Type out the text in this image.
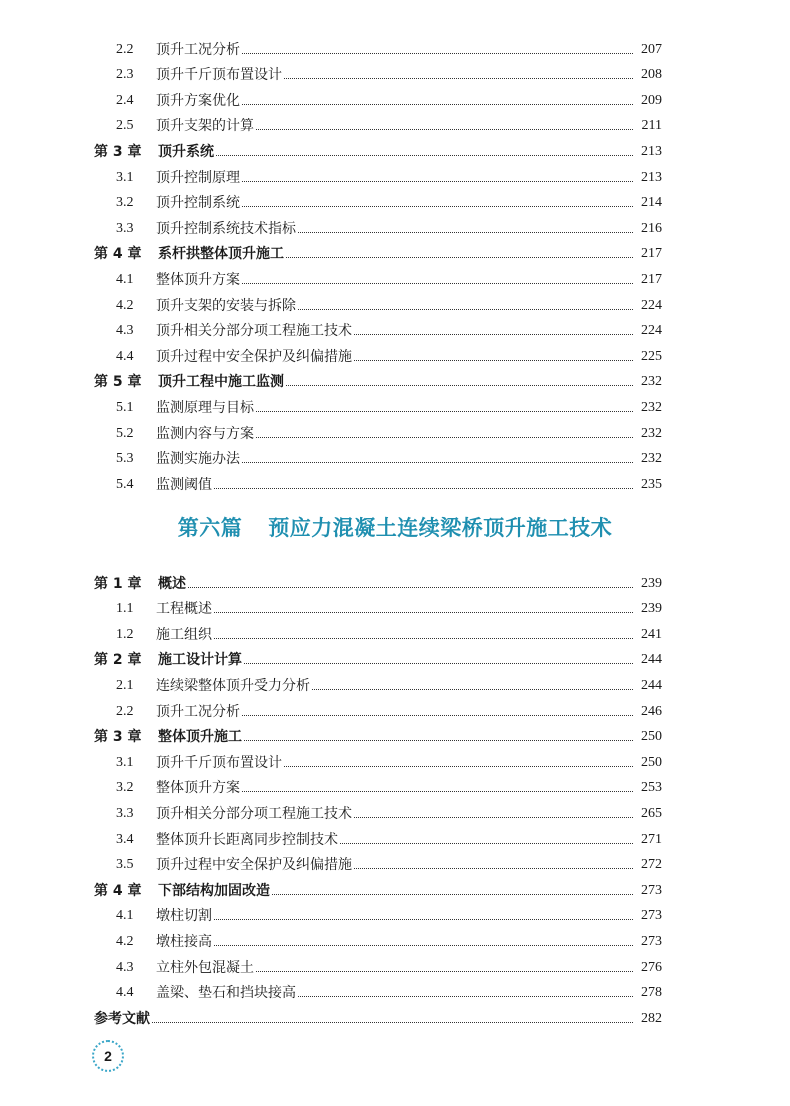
2.2	顶升工况分析	207
2.3	顶升千斤顶布置设计	208
2.4	顶升方案优化	209
2.5	顶升支架的计算	211
第 3 章	顶升系统	213
3.1	顶升控制原理	213
3.2	顶升控制系统	214
3.3	顶升控制系统技术指标	216
第 4 章	系杆拱整体顶升施工	217
4.1	整体顶升方案	217
4.2	顶升支架的安装与拆除	224
4.3	顶升相关分部分项工程施工技术	224
4.4	顶升过程中安全保护及纠偏措施	225
第 5 章	顶升工程中施工监测	232
5.1	监测原理与目标	232
5.2	监测内容与方案	232
5.3	监测实施办法	232
5.4	监测阈值	235
第六篇 预应力混凝土连续梁桥顶升施工技术
第 1 章	概述	239
1.1	工程概述	239
1.2	施工组织	241
第 2 章	施工设计计算	244
2.1	连续梁整体顶升受力分析	244
2.2	顶升工况分析	246
第 3 章	整体顶升施工	250
3.1	顶升千斤顶布置设计	250
3.2	整体顶升方案	253
3.3	顶升相关分部分项工程施工技术	265
3.4	整体顶升长距离同步控制技术	271
3.5	顶升过程中安全保护及纠偏措施	272
第 4 章	下部结构加固改造	273
4.1	墩柱切割	273
4.2	墩柱接高	273
4.3	立柱外包混凝土	276
4.4	盖梁、垫石和挡块接高	278
参考文献	282
2
